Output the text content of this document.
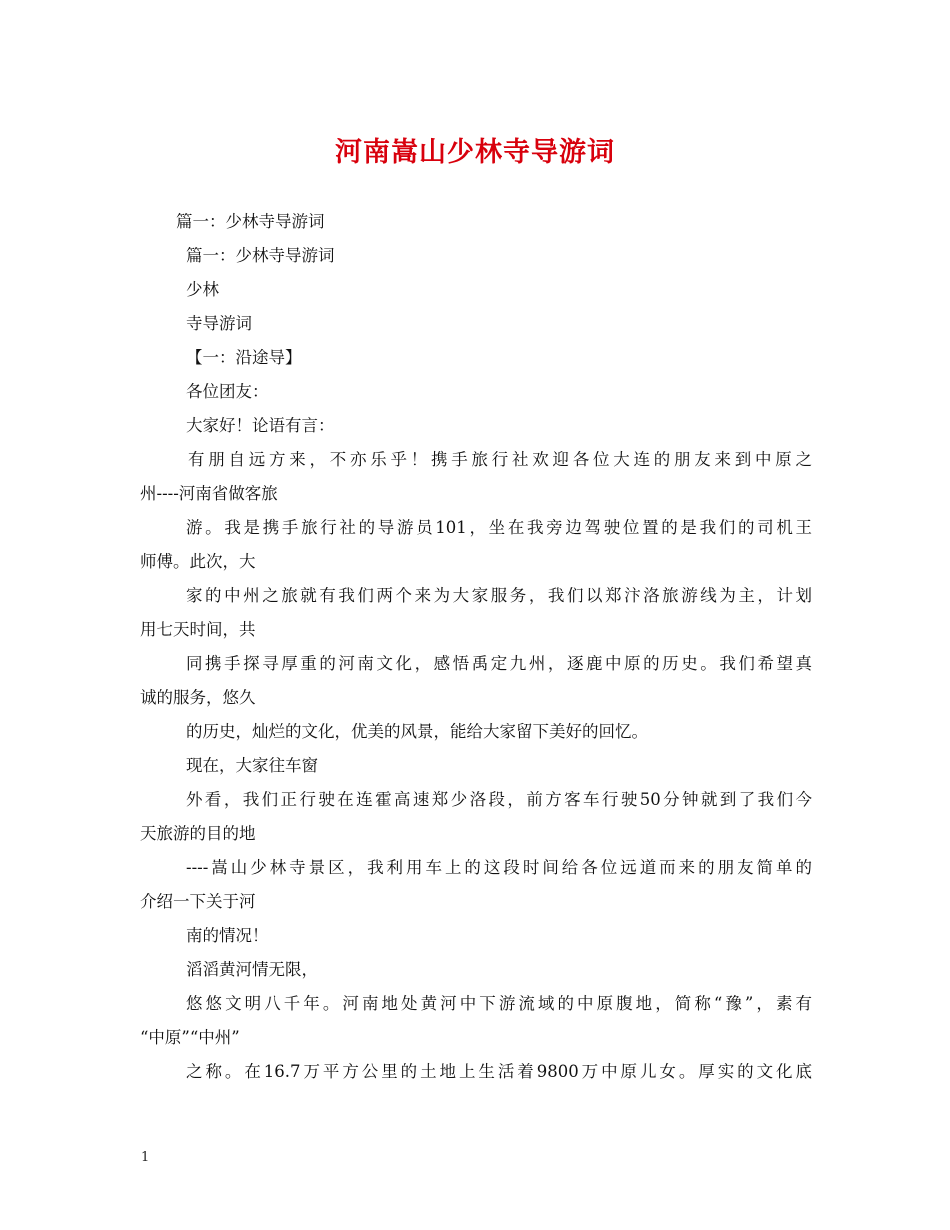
河南嵩山少林寺导游词
篇一：少林寺导游词
篇一：少林寺导游词
少林
寺导游词
【一：沿途导】
各位团友：
大家好！论语有言：
有朋自远方来，不亦乐乎！携手旅行社欢迎各位大连的朋友来到中原之
州----河南省做客旅
游。我是携手旅行社的导游员101，坐在我旁边驾驶位置的是我们的司机王
师傅。此次，大
家的中州之旅就有我们两个来为大家服务，我们以郑汴洛旅游线为主，计划
用七天时间，共
同携手探寻厚重的河南文化，感悟禹定九州，逐鹿中原的历史。我们希望真
诚的服务，悠久
的历史，灿烂的文化，优美的风景，能给大家留下美好的回忆。
现在，大家往车窗
外看，我们正行驶在连霍高速郑少洛段，前方客车行驶50分钟就到了我们今
天旅游的目的地
----嵩山少林寺景区，我利用车上的这段时间给各位远道而来的朋友简单的
介绍一下关于河
南的情况！
滔滔黄河情无限，
悠悠文明八千年。河南地处黄河中下游流域的中原腹地，简称“豫”，素有
“中原”“中州”
之称。在16.7万平方公里的土地上生活着9800万中原儿女。厚实的文化底
1
